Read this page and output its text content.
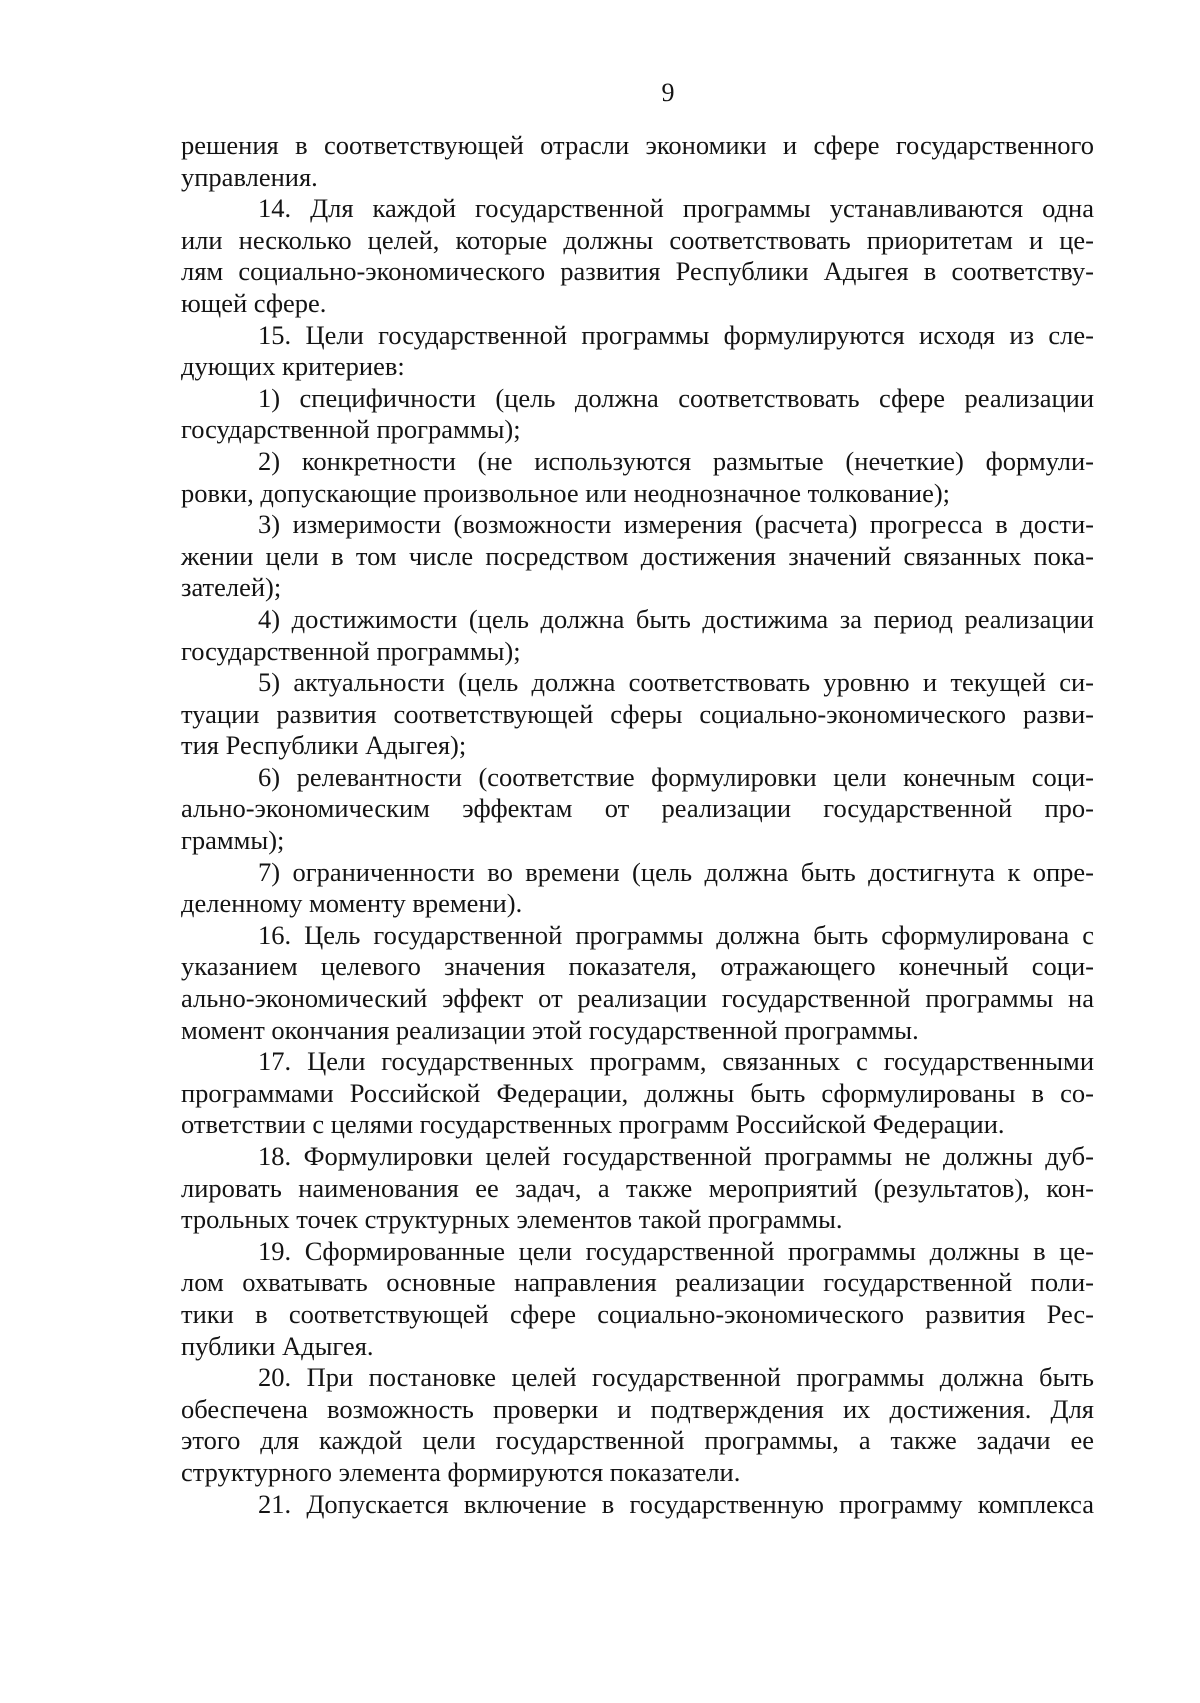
9
решения в соответствующей отрасли экономики и сфере государственного
управления.
14. Для каждой государственной программы устанавливаются одна
или несколько целей, которые должны соответствовать приоритетам и це-
лям социально-экономического развития Республики Адыгея в соответству-
ющей сфере.
15. Цели государственной программы формулируются исходя из сле-
дующих критериев:
1) специфичности (цель должна соответствовать сфере реализации
государственной программы);
2) конкретности (не используются размытые (нечеткие) формули-
ровки, допускающие произвольное или неоднозначное толкование);
3) измеримости (возможности измерения (расчета) прогресса в дости-
жении цели в том числе посредством достижения значений связанных пока-
зателей);
4) достижимости (цель должна быть достижима за период реализации
государственной программы);
5) актуальности (цель должна соответствовать уровню и текущей си-
туации развития соответствующей сферы социально-экономического разви-
тия Республики Адыгея);
6) релевантности (соответствие формулировки цели конечным соци-
ально-экономическим эффектам от реализации государственной про-
граммы);
7) ограниченности во времени (цель должна быть достигнута к опре-
деленному моменту времени).
16. Цель государственной программы должна быть сформулирована с
указанием целевого значения показателя, отражающего конечный соци-
ально-экономический эффект от реализации государственной программы на
момент окончания реализации этой государственной программы.
17. Цели государственных программ, связанных с государственными
программами Российской Федерации, должны быть сформулированы в со-
ответствии с целями государственных программ Российской Федерации.
18. Формулировки целей государственной программы не должны дуб-
лировать наименования ее задач, а также мероприятий (результатов), кон-
трольных точек структурных элементов такой программы.
19. Сформированные цели государственной программы должны в це-
лом охватывать основные направления реализации государственной поли-
тики в соответствующей сфере социально-экономического развития Рес-
публики Адыгея.
20. При постановке целей государственной программы должна быть
обеспечена возможность проверки и подтверждения их достижения. Для
этого для каждой цели государственной программы, а также задачи ее
структурного элемента формируются показатели.
21. Допускается включение в государственную программу комплекса
